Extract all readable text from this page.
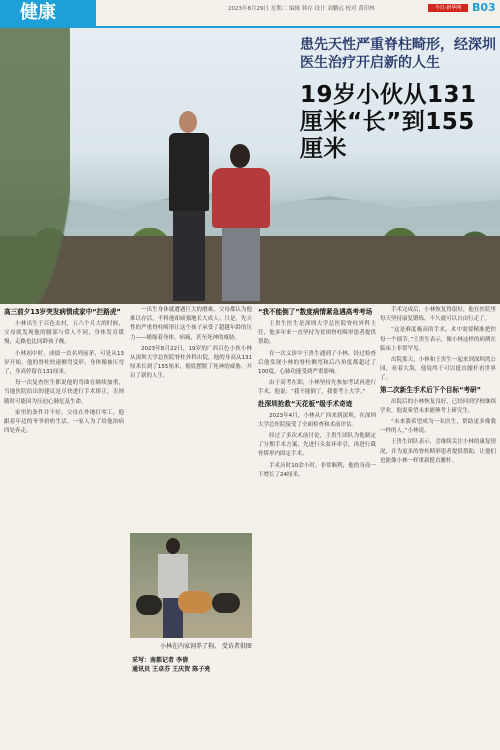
健康	2023年8月29日 星期二 编辑 韩存 设计 刘鹏远 校对 黄印林	今日·新华网 B03
患先天性严重脊柱畸形，经深圳医生治疗开启新的人生
19岁小伙从131厘米“长”到155厘米
高三前夕13岁突发病情成家中“拦路虎”

小林出生于百色农村，五六个月大的时候，父母就发现他的腰部与常人不同，身体发育缓慢，走路也比同龄孩子晚。

小林初中时，成绩一直名列前茅，可是从13岁开始，他的脊柱快速侧弯变形，身体像被压弯了，身高停留在131厘米。

每一次复查医生都说他的弯曲在继续加重，当地医院给出的建议是尽快进行手术矫正，否则随时可能因为压迫心肺危及生命。

家里的条件并不好，父母在外地打零工，他跟着年迈的爷爷奶奶生活，一家人为了给他治病四处奔走。

一出生身体就遭遇巨大的磨难，父母都认为他难以存活，不料他却顽强地长大成人；只是，先天性的严重脊柱畸形让这个孩子承受了超越年龄的压力——蜷缩着身体，病痛，甚至死神的威胁。

2023年8月22日，19岁的广西百色小伙小林从深圳大学总医院脊柱外科出院，他的身高从131厘米长到了155厘米，彻底摆脱了死神的威胁，开启了新的人生。

小林在内家饲养了狗。 受访者供图
采写：南都记者 李倩
通讯员 王卓芬 王庆贺 陈子亮
“我不能倒了”数度病情紧急遇高考考场

王贵生医生是深圳大学总医院脊柱外科主任，他多年来一直坚持为贫困脊柱畸形患者提供帮助。

在一次义诊中王贵生遇到了小林，经过检查后他发现小林的脊柱侧弯和后凸角度都超过了100度，心肺功能受到严重影响。

由于高考在即，小林坚持先参加考试再进行手术，他说：“我不能倒了，我要考上大学。”

赴深圳抢救“天花板”级手术奇迹

2023年4月，小林从广西来到深圳，在深圳大学总医院接受了全面检查和术前评估。

经过了多次术前讨论，王贵生团队为他制定了分期手术方案，先进行头盆环牵引，再进行截骨矫形内固定手术。

手术历时10余小时，非常顺利，他的身高一下增长了24厘米。

手术完成后，小林恢复得很好，他在医院里每天坚持康复锻炼，不久就可以自由行走了。

“这是难度极高的手术，术中需要精准把控每一个细节。”王贵生表示，像小林这样的病例在临床上非常罕见。

出院那天，小林和王贵生一起来到深圳湾公园，看着大海，他说终于可以挺直腰杆看世界了。

第二次新生手术后下个目标“考研”

出院后的小林恢复良好，已经回到学校继续学业，他说希望未来能够考上研究生。

“未来我希望成为一名医生，帮助更多像我一样的人。”小林说。

王贵生团队表示，会继续关注小林的康复情况，并为更多的脊柱畸形患者提供帮助，让他们也能像小林一样重新挺直腰杆。
